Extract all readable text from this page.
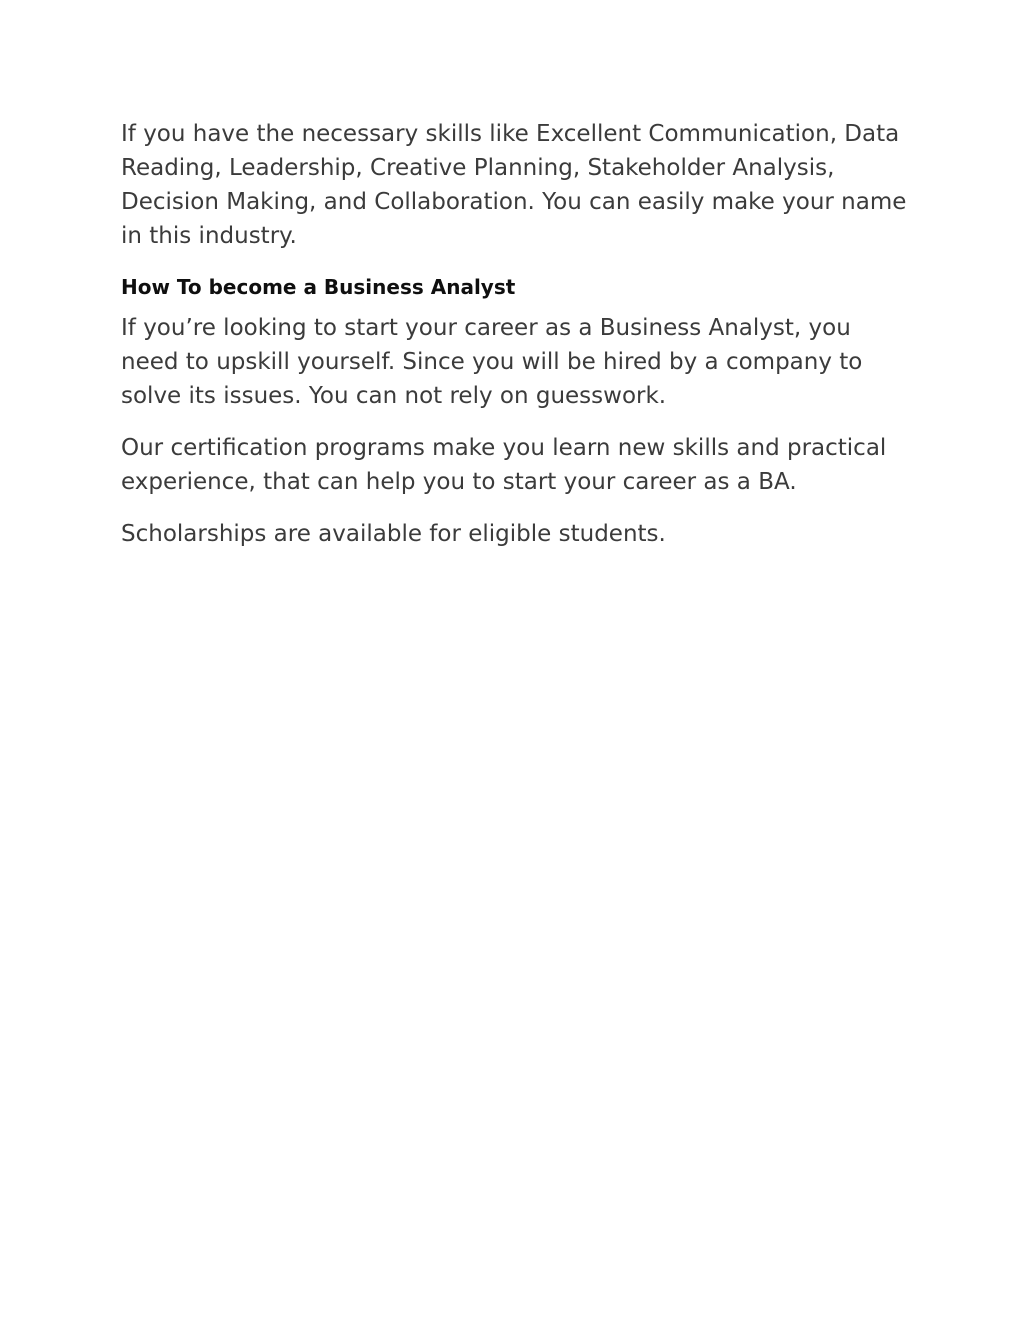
If you have the necessary skills like Excellent Communication, Data Reading, Leadership, Creative Planning, Stakeholder Analysis, Decision Making, and Collaboration. You can easily make your name in this industry.

How To become a Business Analyst

If you’re looking to start your career as a Business Analyst, you need to upskill yourself. Since you will be hired by a company to solve its issues. You can not rely on guesswork.

Our certification programs make you learn new skills and practical experience, that can help you to start your career as a BA.

Scholarships are available for eligible students.
